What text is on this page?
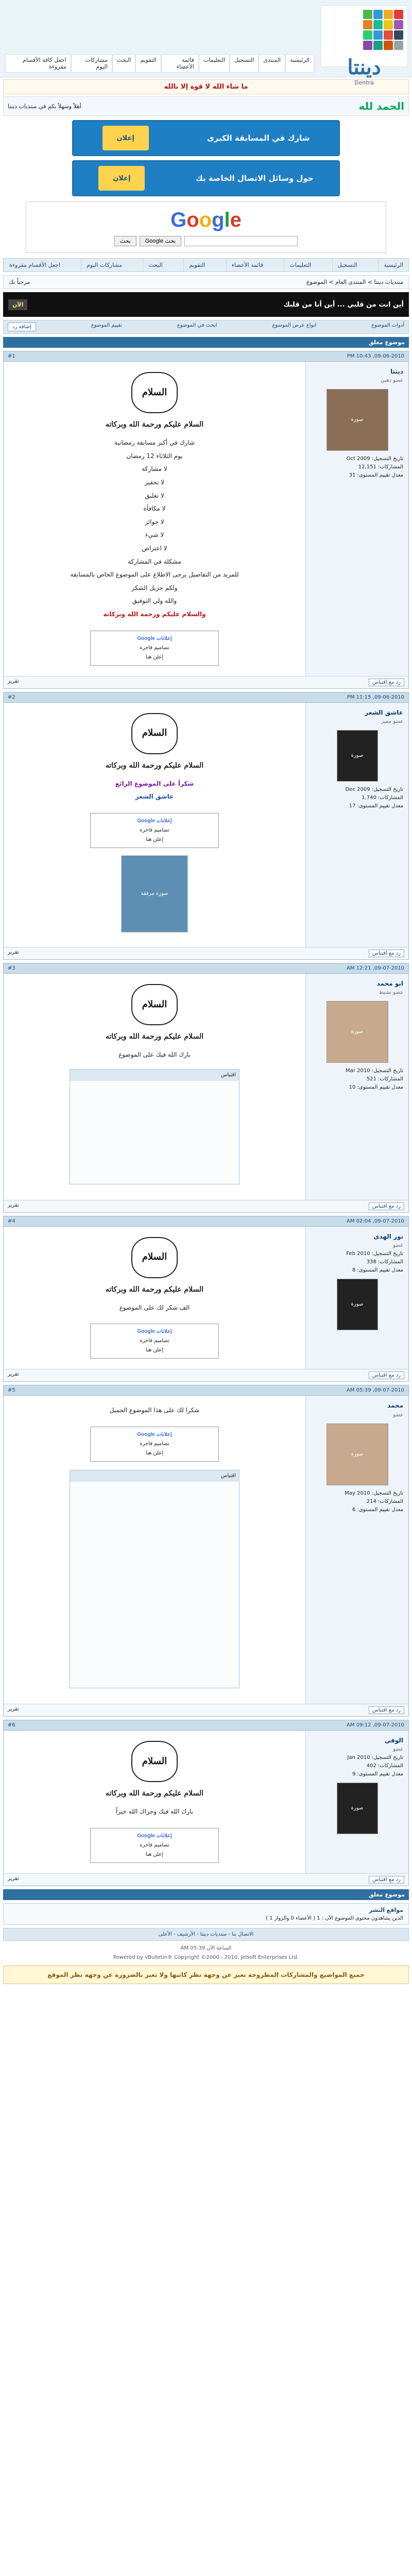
دينتا
Dentra
الرئيسية
المنتدى
التسجيل
التعليمات
قائمة الأعضاء
التقويم
البحث
مشاركات اليوم
اجعل كافة الأقسام مقروءة
ما شاء الله لا قوة إلا بالله
الحمد لله
أهلاً وسهلاً بكم في منتديات دينتا
شارك في المسابقة الكبرى
إعلان
حول وسائل الاتصال الخاصة بك
إعلان
Google
بحث Google
بحث
الرئيسية
التسجيل
التعليمات
قائمة الأعضاء
التقويم
البحث
مشاركات اليوم
اجعل الأقسام مقروءة
منتديات دينتا > المنتدى العام > الموضوع
مرحباً بك
أين انت من قلبي ... أين أنا من قلبك
الآن
أدوات الموضوع
انواع عرض الموضوع
ابحث في الموضوع
تقييم الموضوع
إضافة رد
موضوع مغلق
09-06-2010, 10:43 PM
#1
دينتا
عضو ذهبي
صورة
تاريخ التسجيل: Oct 2009
المشاركات: 12,151
معدل تقييم المستوى: 31
السلام
السلام عليكم ورحمة الله وبركاته

شارك في أكبر مسابقة رمضانية

يوم الثلاثاء 12 رمضان

لا مشاركة

لا تحفيز

لا تعليق

لا مكافأة

لا جوائز

لا شيء

لا اعتراض

مشكلة في المشاركة

للمزيد من التفاصيل يرجى الاطلاع على الموضوع الخاص بالمسابقة

ولكم جزيل الشكر

والله ولي التوفيق

والسلام عليكم ورحمة الله وبركاته

إعلانات Google
تصاميم فاخرة
إعلن هنا
رد مع اقتباس
تقرير
09-06-2010, 11:15 PM
#2
عاشق الشعر
عضو مميز
صورة
تاريخ التسجيل: Dec 2009
المشاركات: 1,740
معدل تقييم المستوى: 17
السلام
السلام عليكم ورحمة الله وبركاته

شكراً على الموضوع الرائع

عاشق الشعر

إعلانات Google
تصاميم فاخرة
إعلن هنا
صورة مرفقة
رد مع اقتباس
تقرير
09-07-2010, 12:21 AM
#3
ابو محمد
عضو نشيط
صورة
تاريخ التسجيل: Mar 2010
المشاركات: 521
معدل تقييم المستوى: 10
السلام
السلام عليكم ورحمة الله وبركاته

بارك الله فيك على الموضوع

اقتباس
رد مع اقتباس
تقرير
09-07-2010, 02:04 AM
#4
نور الهدى
عضو
تاريخ التسجيل: Feb 2010
المشاركات: 338
معدل تقييم المستوى: 8
صورة
السلام
السلام عليكم ورحمة الله وبركاته

الف شكر لك على الموضوع

إعلانات Google
تصاميم فاخرة
إعلن هنا
رد مع اقتباس
تقرير
09-07-2010, 05:39 AM
#5
محمد
عضو
صورة
تاريخ التسجيل: May 2010
المشاركات: 214
معدل تقييم المستوى: 6

شكرا لك على هذا الموضوع الجميل

إعلانات Google
تصاميم فاخرة
إعلن هنا
اقتباس
رد مع اقتباس
تقرير
09-07-2010, 09:12 AM
#6
الوفي
عضو
تاريخ التسجيل: Jan 2010
المشاركات: 402
معدل تقييم المستوى: 9
صورة
السلام
السلام عليكم ورحمة الله وبركاته

بارك الله فيك وجزاك الله خيراً

إعلانات Google
تصاميم فاخرة
إعلن هنا
رد مع اقتباس
تقرير
موضوع مغلق
مواقع النشر
الذين يشاهدون محتوى الموضوع الآن : 1 ( الأعضاء 0 والزوار 1 )
الاتصال بنا - منتديات دينتا - الأرشيف - الأعلى
الساعة الآن 05:39 AM
Powered by vBulletin® Copyright ©2000 - 2010, Jelsoft Enterprises Ltd.
جميع المواضيع والمشاركات المطروحة تعبر عن وجهة نظر كاتبها ولا تعبر بالضرورة عن وجهة نظر الموقع
